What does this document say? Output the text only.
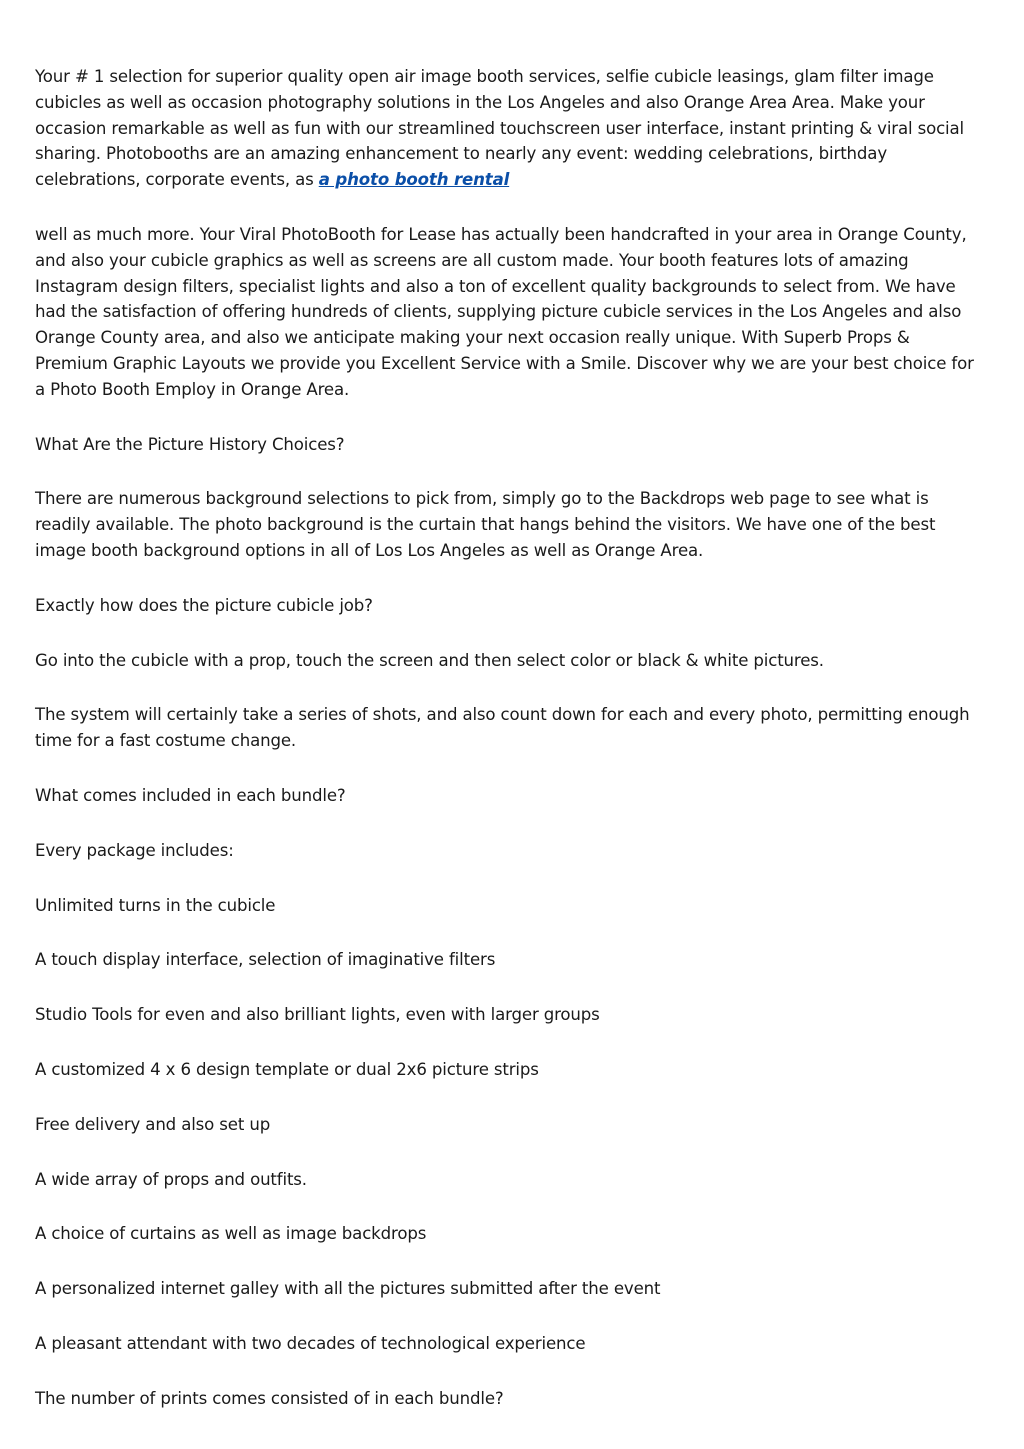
Your # 1 selection for superior quality open air image booth services, selfie cubicle leasings, glam filter image cubicles as well as occasion photography solutions in the Los Angeles and also Orange Area Area. Make your occasion remarkable as well as fun with our streamlined touchscreen user interface, instant printing & viral social sharing. Photobooths are an amazing enhancement to nearly any event: wedding celebrations, birthday celebrations, corporate events, as a photo booth rental

well as much more. Your Viral PhotoBooth for Lease has actually been handcrafted in your area in Orange County, and also your cubicle graphics as well as screens are all custom made. Your booth features lots of amazing Instagram design filters, specialist lights and also a ton of excellent quality backgrounds to select from. We have had the satisfaction of offering hundreds of clients, supplying picture cubicle services in the Los Angeles and also Orange County area, and also we anticipate making your next occasion really unique. With Superb Props & Premium Graphic Layouts we provide you Excellent Service with a Smile. Discover why we are your best choice for a Photo Booth Employ in Orange Area.

What Are the Picture History Choices?

There are numerous background selections to pick from, simply go to the Backdrops web page to see what is readily available. The photo background is the curtain that hangs behind the visitors. We have one of the best image booth background options in all of Los Los Angeles as well as Orange Area.

Exactly how does the picture cubicle job?

Go into the cubicle with a prop, touch the screen and then select color or black & white pictures.

The system will certainly take a series of shots, and also count down for each and every photo, permitting enough time for a fast costume change.

What comes included in each bundle?

Every package includes:

Unlimited turns in the cubicle

A touch display interface, selection of imaginative filters

Studio Tools for even and also brilliant lights, even with larger groups

A customized 4 x 6 design template or dual 2x6 picture strips

Free delivery and also set up

A wide array of props and outfits.

A choice of curtains as well as image backdrops

A personalized internet galley with all the pictures submitted after the event

A pleasant attendant with two decades of technological experience

The number of prints comes consisted of in each bundle?
